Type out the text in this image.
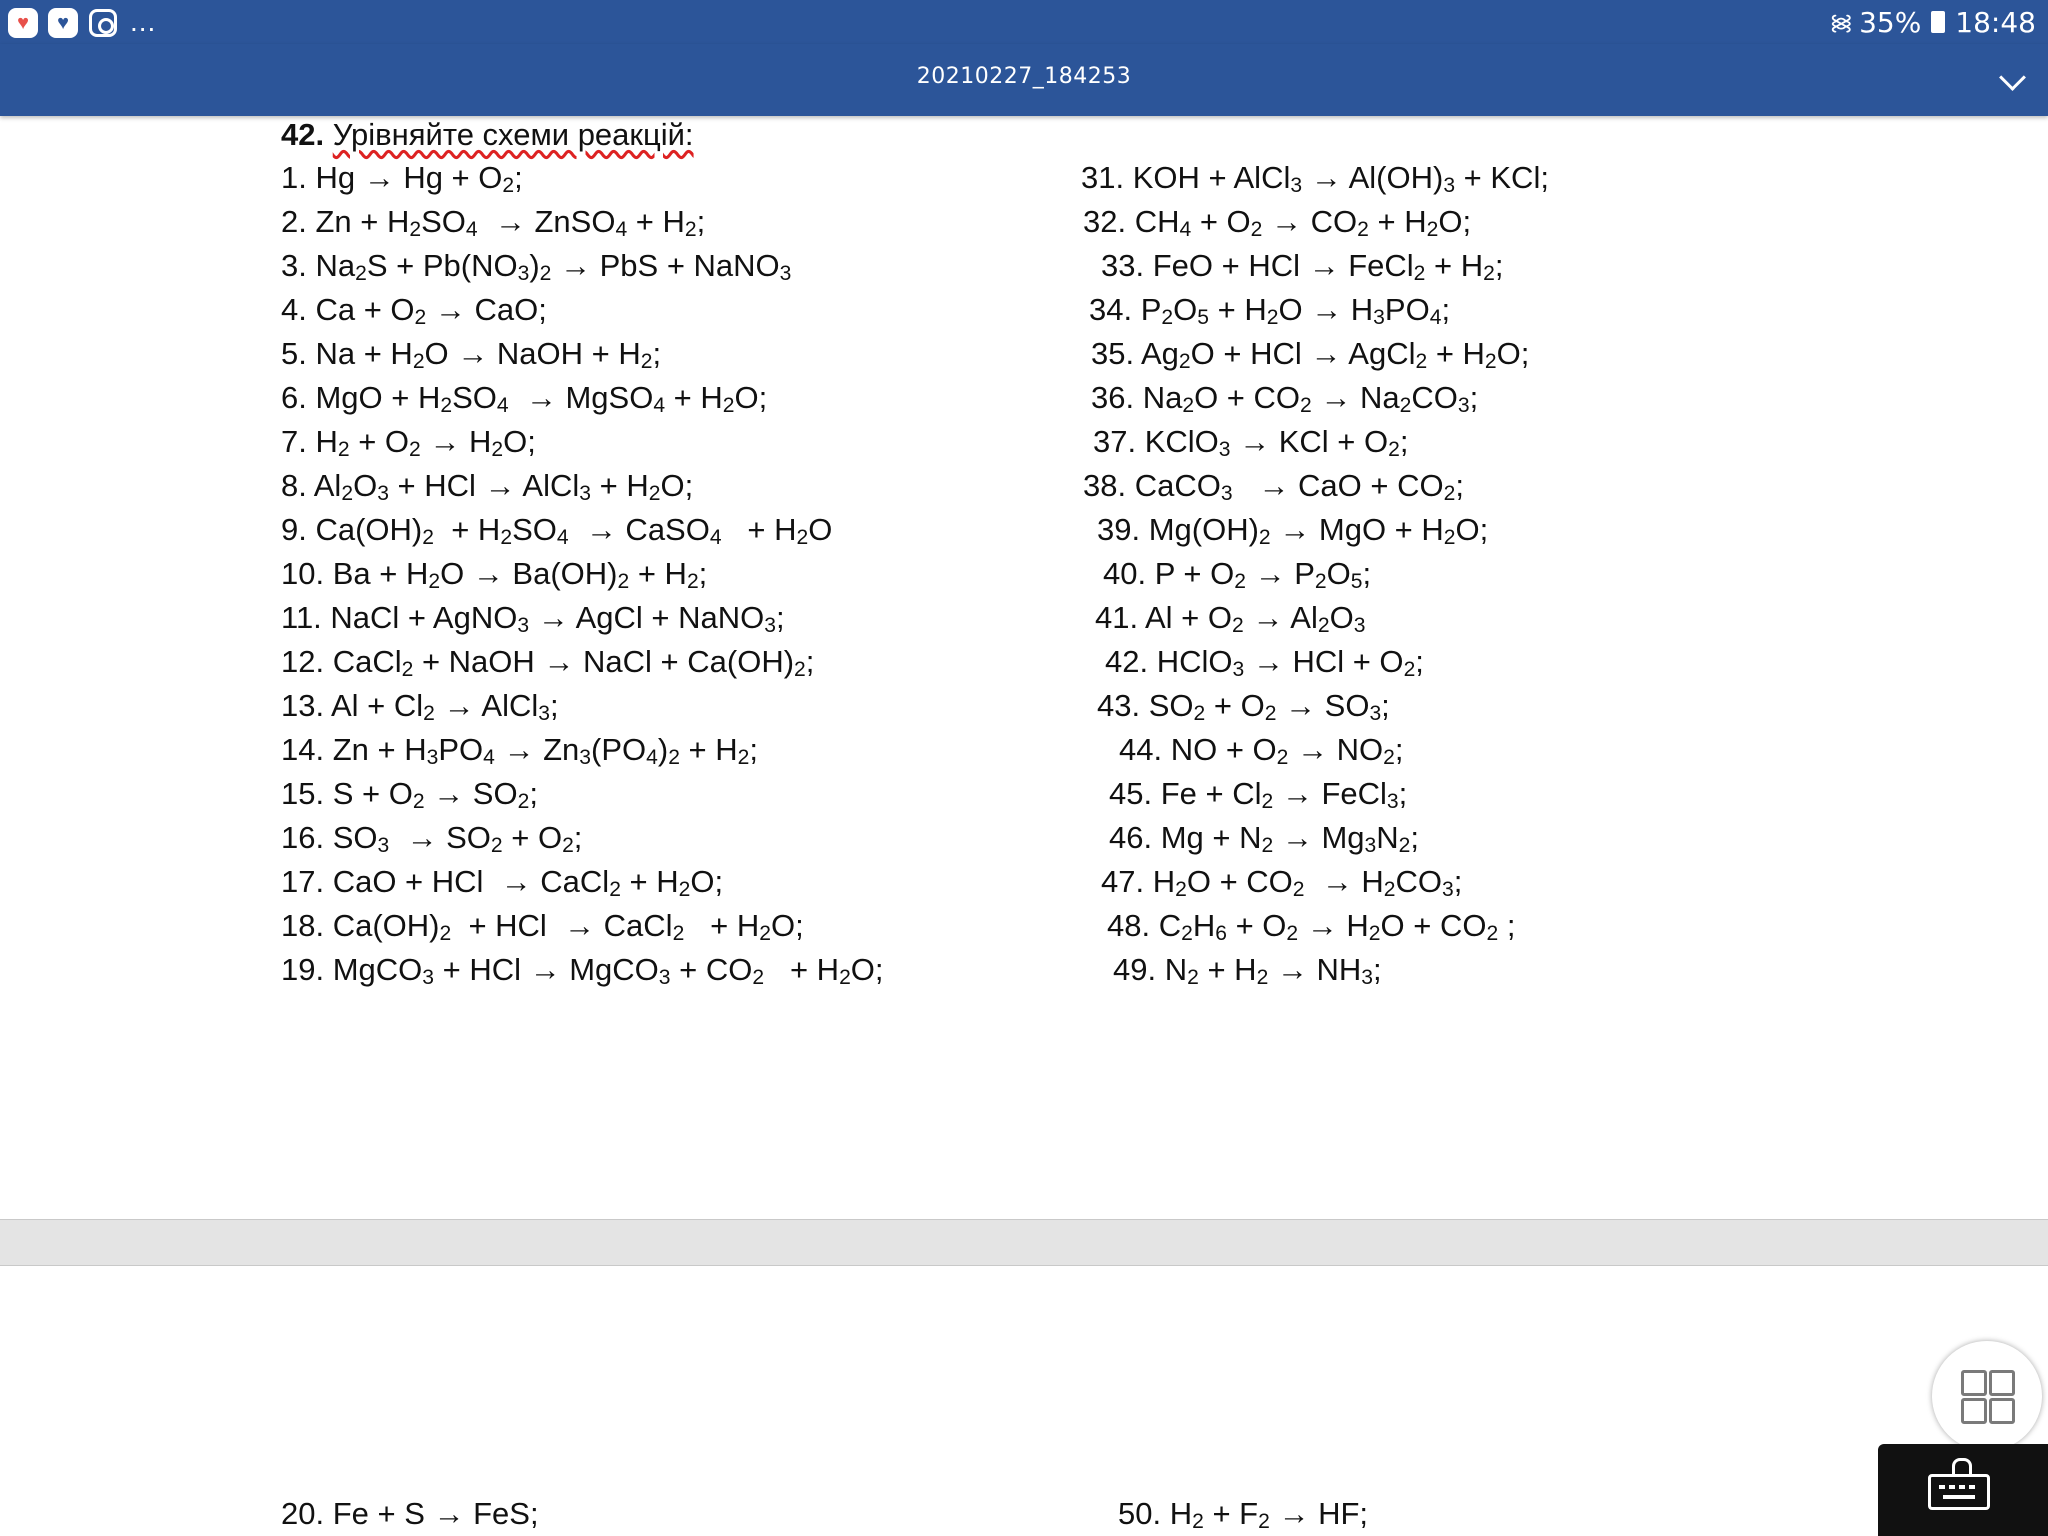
♥	♥	...	᯼ 35% 18:48
20210227_184253
42. Урівняйте схеми реакцій:
20. Fe + S → FeS;	50. $H_2 + F_2$ → HF;
1. $Hg \to Hg + O_2$;
2. $Zn + H_2SO_4$  → ZnSO$_4$ + $H_2$;
3. $Na_2S + Pb(NO_3)_2$ → PbS + NaNO$_3$
4. $Ca + O_2$ → CaO;
5. $Na + H_2O$ → NaOH + $H_2$;
6. MgO + $H_2SO_4$  → MgSO$_4$ + $H_2O$;
7. $H_2 + O_2 \to H_2O$;
8. $Al_2O_3$ + HCl → AlCl$_3$ + $H_2O$;
9. $Ca(OH)_2 + H_2SO_4$  → CaSO$_4$   + $H_2O$
10. $Ba + H_2O \to Ba(OH)_2 + H_2$;
11. NaCl + AgNO$_3$ → AgCl + NaNO$_3$;
12. CaCl$_2$ + NaOH → NaCl + $Ca(OH)_2$;
13. $Al + Cl_2$ → AlCl$_3$;
14. $Zn + H_3PO_4 \to Zn_3(PO_4)_2 + H_2$;
15. $S + O_2 \to SO_2$;
16. $SO_3 \to SO_2 + O_2$;
17. CaO + HCl  → CaCl$_2$ + $H_2O$;
18. $Ca(OH)_2$  + HCl  → CaCl$_2$   + $H_2O$;
19. MgCO$_3$ + HCl → MgCO$_3$ + $CO_2 + H_2O$;
31. KOH + AlCl$_3$ → $Al(OH)_3$ + KCl;
32. $CH_4 + O_2 \to CO_2 + H_2O$;
33. FeO + HCl → FeCl$_2$ + $H_2$;
34. $P_2O_5 + H_2O \to H_3PO_4$;
35. $Ag_2O$ + HCl → AgCl$_2$ + $H_2O$;
36. $Na_2O + CO_2 \to Na_2CO_3$;
37. KClO$_3$ → KCl + $O_2$;
38. CaCO$_3$   → CaO + $CO_2$;
39. $Mg(OH)_2$ → MgO + $H_2O$;
40. $P + O_2 \to P_2O_5$;
41. $Al + O_2 \to Al_2O_3$
42. HClO$_3$ → HCl + $O_2$;
43. $SO_2 + O_2 \to SO_3$;
44. NO + $O_2 \to NO_2$;
45. $Fe + Cl_2$ → FeCl$_3$;
46. $Mg + N_2 \to Mg_3N_2$;
47. $H_2O + CO_2 \to H_2CO_3$;
48. $C_2H_6 + O_2 \to H_2O + CO_2$ ;
49. $N_2 + H_2 \to NH_3$;
